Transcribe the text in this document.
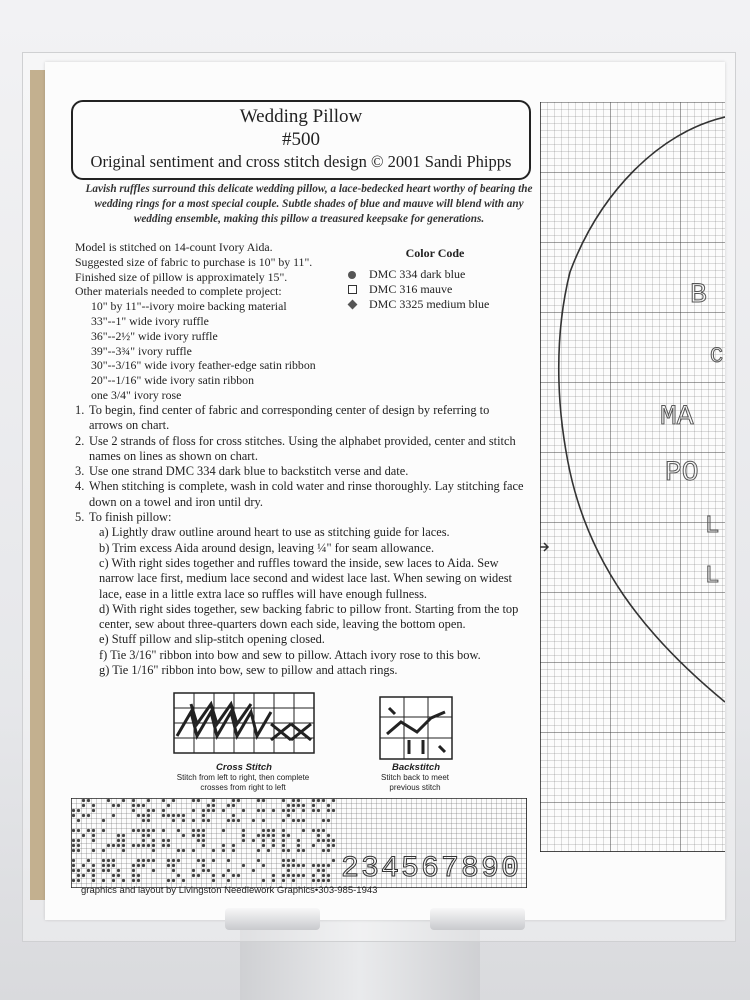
Wedding Pillow
#500
Original sentiment and cross stitch design © 2001 Sandi Phipps
Lavish ruffles surround this delicate wedding pillow, a lace-bedecked heart worthy of bearing the wedding rings for a most special couple. Subtle shades of blue and mauve will blend with any wedding ensemble, making this pillow a treasured keepsake for generations.
Model is stitched on 14-count Ivory Aida.
Suggested size of fabric to purchase is 10" by 11".
Finished size of pillow is approximately 15".
Other materials needed to complete project:
10" by 11"--ivory moire backing material
33"--1" wide ivory ruffle
36"--2½" wide ivory ruffle
39"--3¾" ivory ruffle
30"--3/16" wide ivory feather-edge satin ribbon
20"--1/16" wide ivory satin ribbon
one 3/4" ivory rose
Color Code
DMC 334 dark blue
DMC 316 mauve
DMC 3325 medium blue
1. To begin, find center of fabric and corresponding center of design by referring to arrows on chart.
2. Use 2 strands of floss for cross stitches. Using the alphabet provided, center and stitch names on lines as shown on chart.
3. Use one strand DMC 334 dark blue to backstitch verse and date.
4. When stitching is complete, wash in cold water and rinse thoroughly. Lay stitching face down on a towel and iron until dry.
5. To finish pillow:
a) Lightly draw outline around heart to use as stitching guide for laces.
b) Trim excess Aida around design, leaving ¼" for seam allowance.
c) With right sides together and ruffles toward the inside, sew laces to Aida. Sew narrow lace first, medium lace second and widest lace last. When sewing on widest lace, ease in a little extra lace so ruffles will have enough fullness.
d) With right sides together, sew backing fabric to pillow front. Starting from the top center, sew about three-quarters down each side, leaving the bottom open.
e) Stuff pillow and slip-stitch opening closed.
f) Tie 3/16" ribbon into bow and sew to pillow. Attach ivory rose to this bow.
g) Tie 1/16" ribbon into bow, sew to pillow and attach rings.
Cross Stitch
Stitch from left to right, then complete
crosses from right to left
Backstitch
Stitch back to meet
previous stitch
234567890
B
C
MA
PO
L
L
graphics and layout by Livingston Needlework Graphics•303-985-1943
